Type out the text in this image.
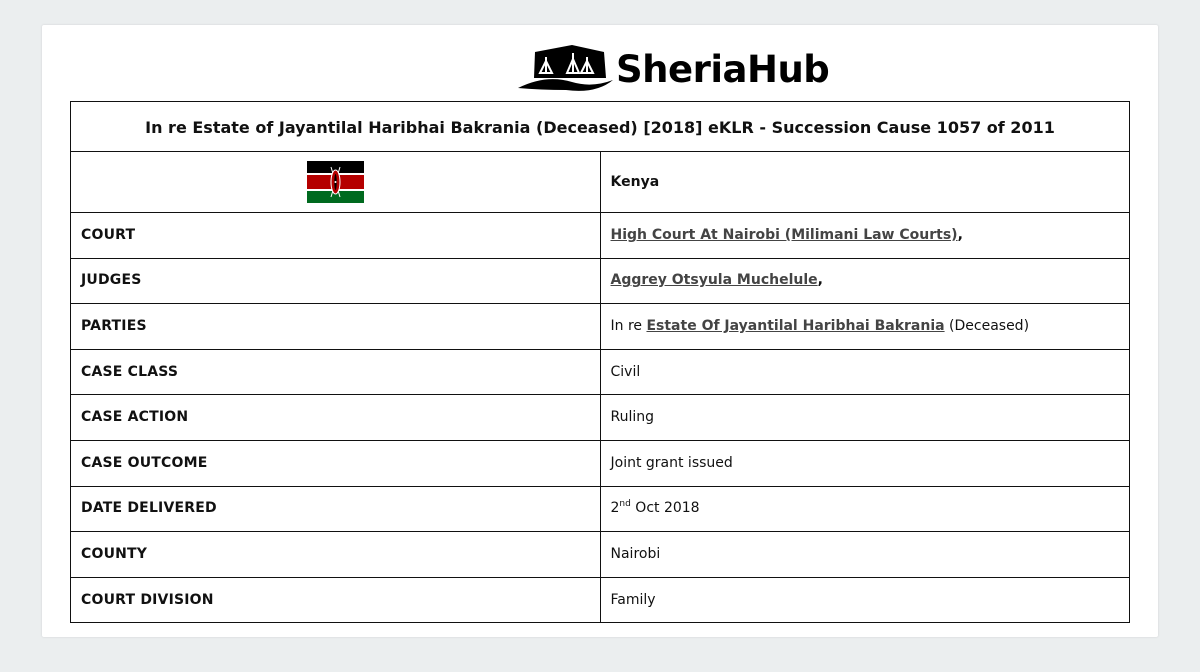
SheriaHub
In re Estate of Jayantilal Haribhai Bakrania (Deceased) [2018] eKLR - Succession Cause 1057 of 2011	
	Kenya
COURT	High Court At Nairobi (Milimani Law Courts),
JUDGES	Aggrey Otsyula Muchelule,
PARTIES	In re Estate Of Jayantilal Haribhai Bakrania (Deceased)
CASE CLASS	Civil
CASE ACTION	Ruling
CASE OUTCOME	Joint grant issued
DATE DELIVERED	2nd Oct 2018
COUNTY	Nairobi
COURT DIVISION	Family
